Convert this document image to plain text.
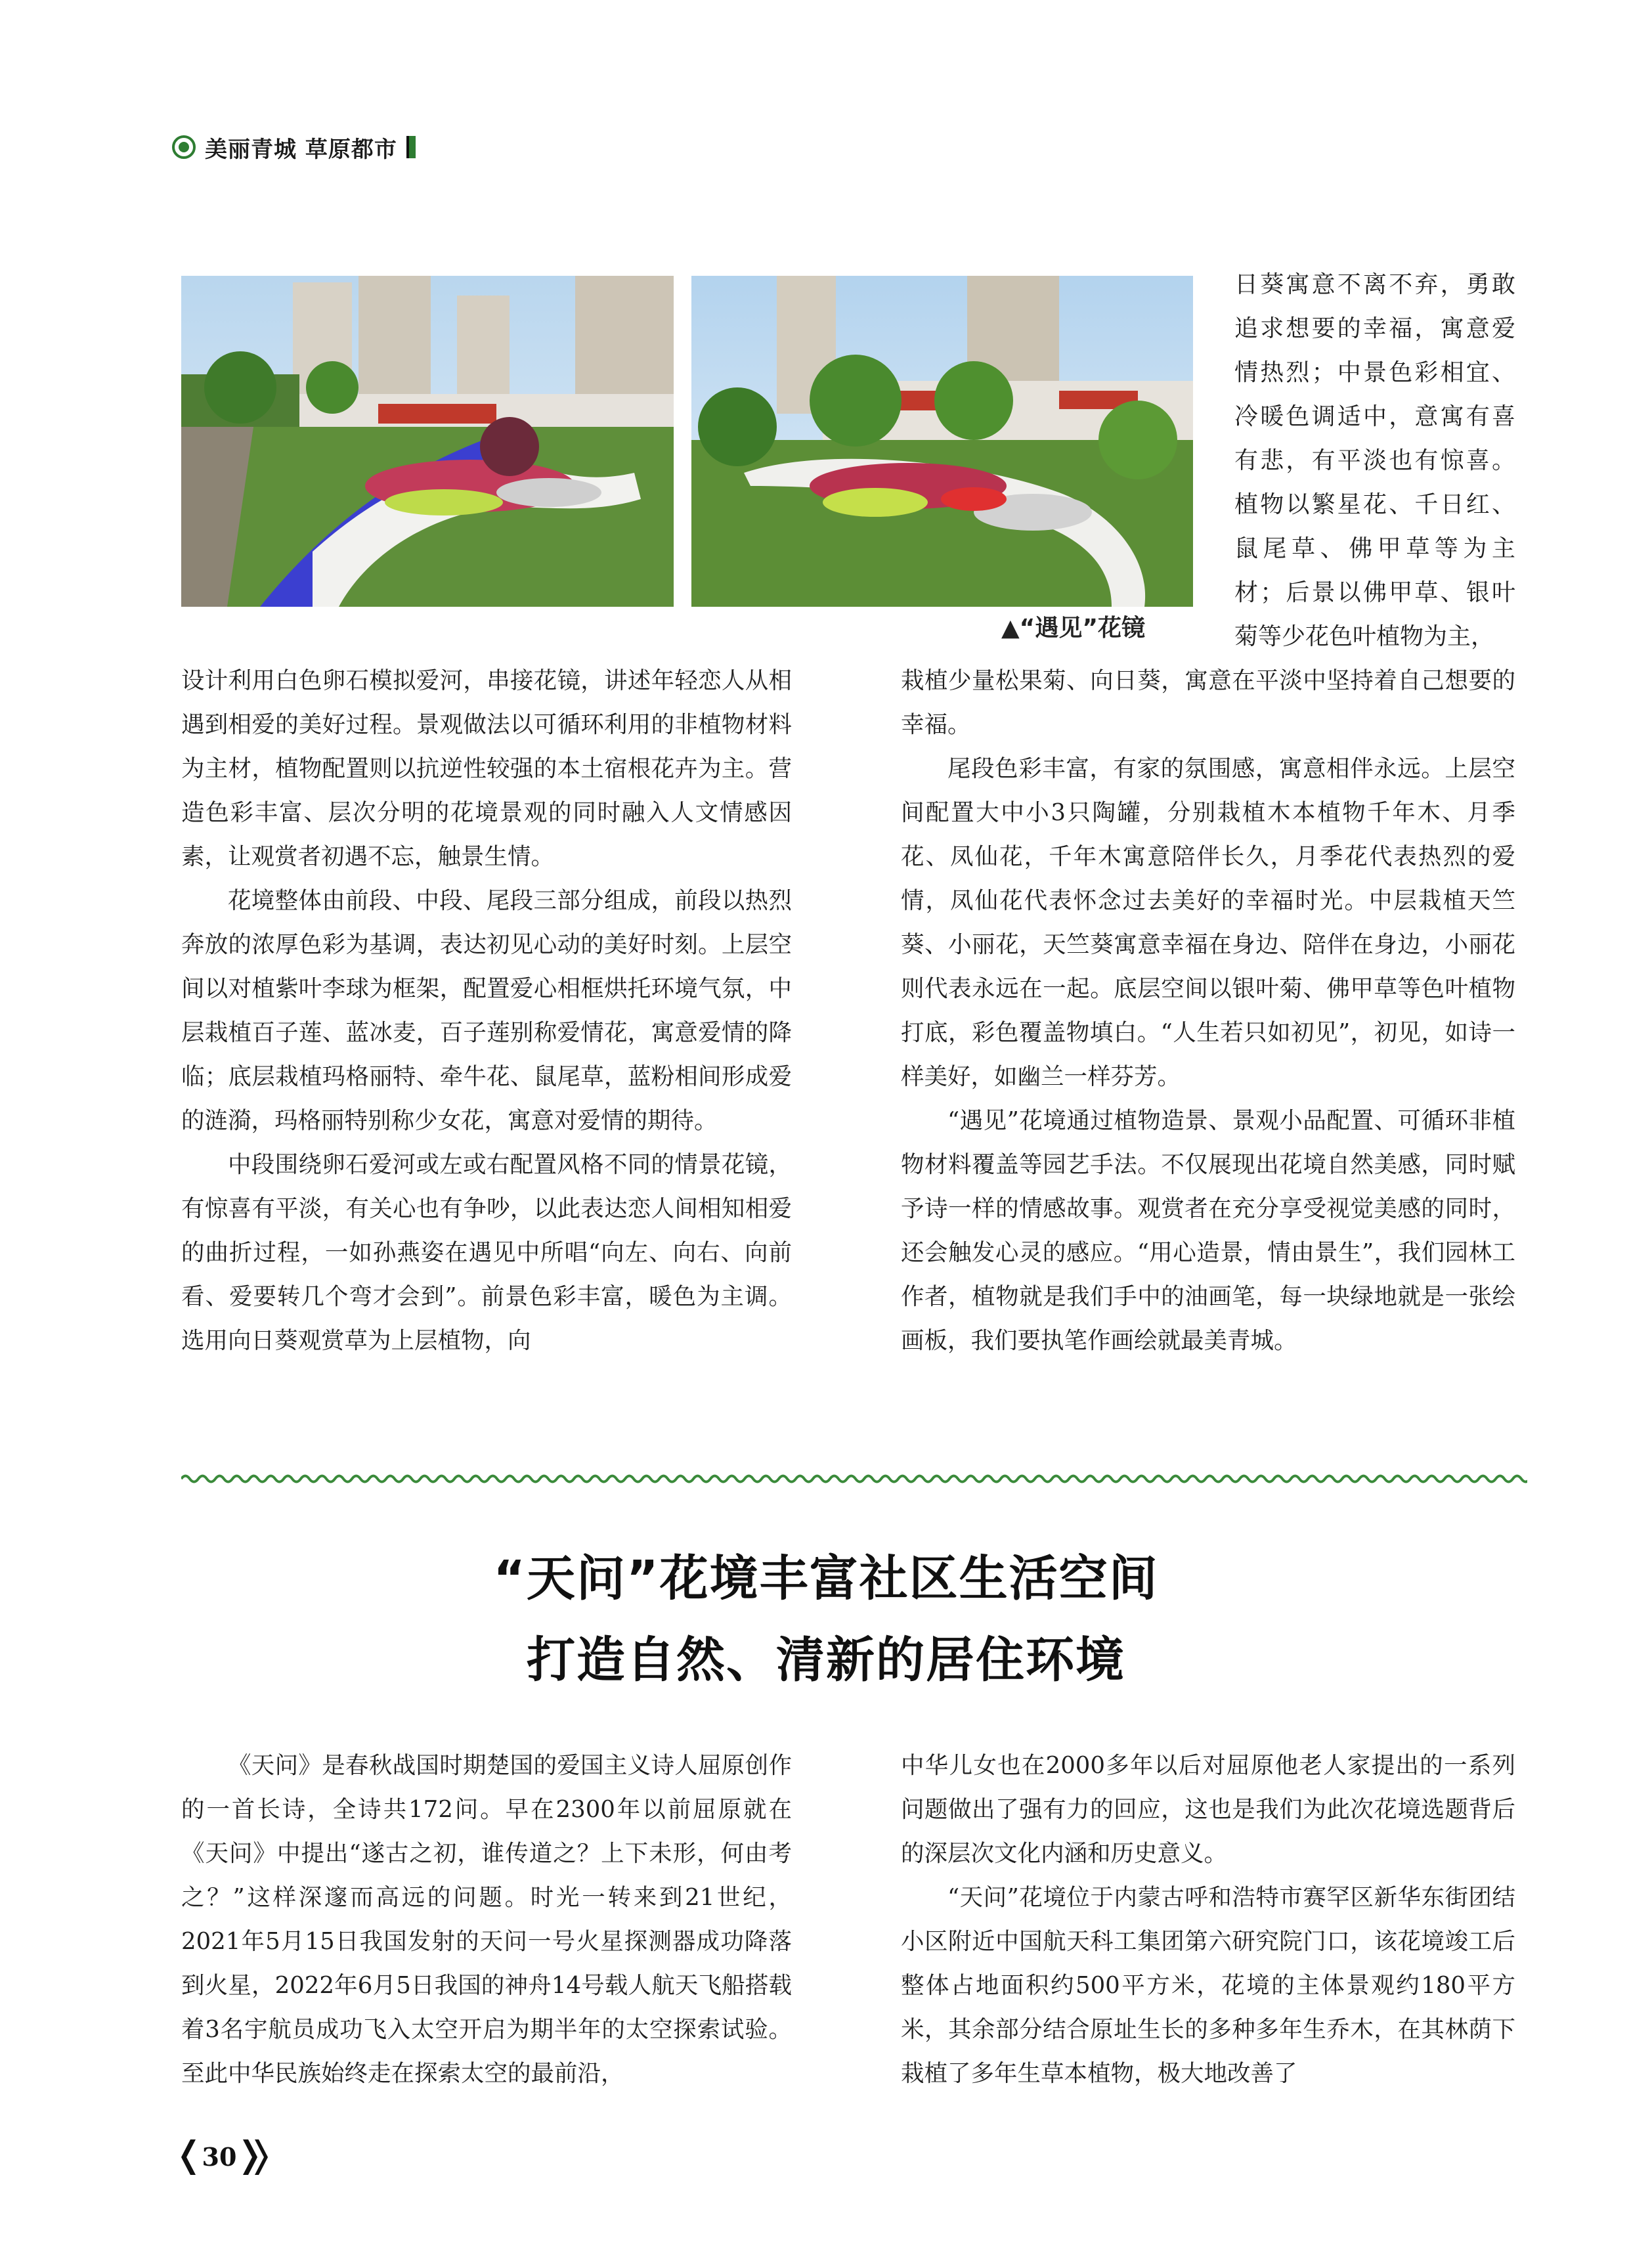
美丽青城 草原都市
▲“遇见”花镜

日葵寓意不离不弃，勇敢追求想要的幸福，寓意爱情热烈；中景色彩相宜、冷暖色调适中，意寓有喜有悲，有平淡也有惊喜。植物以繁星花、千日红、鼠尾草、佛甲草等为主材；后景以佛甲草、银叶菊等少花色叶植物为主，

设计利用白色卵石模拟爱河，串接花镜，讲述年轻恋人从相遇到相爱的美好过程。景观做法以可循环利用的非植物材料为主材，植物配置则以抗逆性较强的本土宿根花卉为主。营造色彩丰富、层次分明的花境景观的同时融入人文情感因素，让观赏者初遇不忘，触景生情。

花境整体由前段、中段、尾段三部分组成，前段以热烈奔放的浓厚色彩为基调，表达初见心动的美好时刻。上层空间以对植紫叶李球为框架，配置爱心相框烘托环境气氛，中层栽植百子莲、蓝冰麦，百子莲别称爱情花，寓意爱情的降临；底层栽植玛格丽特、牵牛花、鼠尾草，蓝粉相间形成爱的涟漪，玛格丽特别称少女花，寓意对爱情的期待。

中段围绕卵石爱河或左或右配置风格不同的情景花镜，有惊喜有平淡，有关心也有争吵，以此表达恋人间相知相爱的曲折过程，一如孙燕姿在遇见中所唱“向左、向右、向前看、爱要转几个弯才会到”。前景色彩丰富，暖色为主调。选用向日葵观赏草为上层植物，向

栽植少量松果菊、向日葵，寓意在平淡中坚持着自己想要的幸福。

尾段色彩丰富，有家的氛围感，寓意相伴永远。上层空间配置大中小3只陶罐，分别栽植木本植物千年木、月季花、凤仙花，千年木寓意陪伴长久，月季花代表热烈的爱情，凤仙花代表怀念过去美好的幸福时光。中层栽植天竺葵、小丽花，天竺葵寓意幸福在身边、陪伴在身边，小丽花则代表永远在一起。底层空间以银叶菊、佛甲草等色叶植物打底，彩色覆盖物填白。“人生若只如初见”，初见，如诗一样美好，如幽兰一样芬芳。

“遇见”花境通过植物造景、景观小品配置、可循环非植物材料覆盖等园艺手法。不仅展现出花境自然美感，同时赋予诗一样的情感故事。观赏者在充分享受视觉美感的同时，还会触发心灵的感应。“用心造景，情由景生”，我们园林工作者，植物就是我们手中的油画笔，每一块绿地就是一张绘画板，我们要执笔作画绘就最美青城。

“天问”花境丰富社区生活空间
打造自然、清新的居住环境

《天问》是春秋战国时期楚国的爱国主义诗人屈原创作的一首长诗，全诗共172问。早在2300年以前屈原就在《天问》中提出“遂古之初，谁传道之？上下未形，何由考之？”这样深邃而高远的问题。时光一转来到21世纪，2021年5月15日我国发射的天问一号火星探测器成功降落到火星，2022年6月5日我国的神舟14号载人航天飞船搭载着3名宇航员成功飞入太空开启为期半年的太空探索试验。至此中华民族始终走在探索太空的最前沿，

中华儿女也在2000多年以后对屈原他老人家提出的一系列问题做出了强有力的回应，这也是我们为此次花境选题背后的深层次文化内涵和历史意义。

“天问”花境位于内蒙古呼和浩特市赛罕区新华东街团结小区附近中国航天科工集团第六研究院门口，该花境竣工后整体占地面积约500平方米，花境的主体景观约180平方米，其余部分结合原址生长的多种多年生乔木，在其林荫下栽植了多年生草本植物，极大地改善了

30
